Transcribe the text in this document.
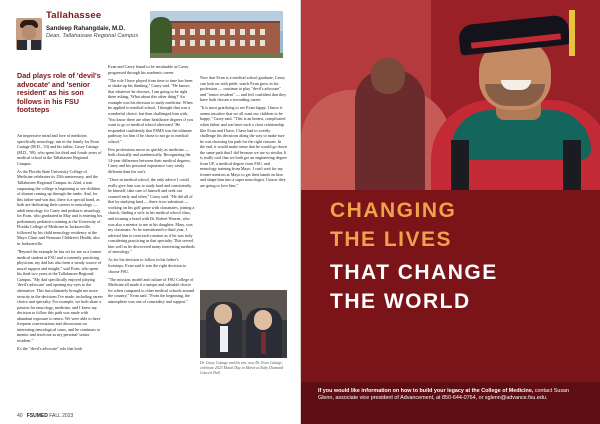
Tallahassee
Sandeep Rahangdale, M.D.
Dean, Tallahassee Regional Campus
Dad plays role of 'devil's advocate' and 'senior resident' as his son follows in his FSU footsteps

An impressive mind and love of medicine, specifically neurology, run in the family for Evan Cattage (M.D., '23) and his father, Casey Cattage (M.D., '09), who spent his third and fourth years of medical school at the Tallahassee Regional Campus.

As the Florida State University College of Medicine celebrates its 25th anniversary, and the Tallahassee Regional Campus its 22nd, a trait surpassing the college is beginning to see children of alumni coming up through the ranks. And, for this father-and-son duo, there is a special bond, as both are dedicating their careers to neurology — adult neurology for Casey and pediatric neurology for Evan, who graduated in May and is entering his preliminary pediatrics training at the University of Florida College of Medicine in Jacksonville, followed by his child neurology residency at the Mayo Clinic and Nemours Children's Health, also in Jacksonville.

"Beyond the example he has set for me as a former medical student at FSU and a currently practicing physician, my dad has also been a steady source of moral support and insight," said Evan, who spent his final two years at the Tallahassee Regional Campus. "My dad specifically enjoyed playing 'devil's advocate' and opening my eyes to the alternative. This has ultimately brought me more security in the decisions I've made, including career choice and specialty. For example, we both share a passion for neurology, medicine, and I knew my decision to follow this path was made with abundant exposure to neuro. We were able to have frequent conversations and discussions on interesting neurological cases, and he continues to mentor and teach me as my personal 'senior resident.'"

It's the "devil's advocate" role that both

Evan and Casey found to be invaluable as Casey progressed through his academic career.

"The role I have played from time to time has been to shake up his thinking," Casey said. "He knows that whatever he chooses, I am going to be right there asking, 'What about this other thing?' An example was his decision to study medicine. When he applied to medical school, I thought that was a wonderful choice, but then challenged him with, 'You know there are other healthcare degrees if you want to go to medical school afterward.' He responded confidently that FSMS was the ultimate pathway for him if he chose to not go to medical school."

Few professions move as quickly as medicine — both clinically and academically. Recognizing the 14-year difference between their medical degrees, Casey and his personal experience vary vastly different than his son's.

"Once in medical school, the only advice I could really give him was to study hard and consistently, be himself, take care of himself and seek out counsel early and often," Casey said. "He did all of that by studying hard — there is no substitute — working on his golf game with classmates, joining a church, finding a wife in his medical school class, and forming a bond with Dr. Robert Warren, who was also a mentor to me at his daughter. Mary, was my classmate. As he transitioned to third year, I advised him to treat each rotation as if he was truly considering practicing in that specialty. This served him well as he discovered many interesting methods of neurology."

As for his decision to follow in his father's footsteps, Evan said it was the right decision to choose FSU.

"The mission, model and culture of FSU College of Medicine all made it a unique and valuable choice for when compared to other medical schools around the country," Evan said. "From the beginning, the atmosphere was one of comradery and support."

Now that Evan is a medical school graduate, Casey can look on with pride, watch Evan grow in his profession — continue to play "devil's advocate" and "senior resident" — and feel confident that they have both chosen a rewarding career.

"It is most gratifying to see Evan happy. I know it seems intuitive that we all want our children to be happy," Casey said. "This is an honest, complicated when father and son have such a close relationship like Evan and I have. I have had to overtly challenge his decisions along the way to make sure he was choosing his path for the right reasons. In the end, it would make sense that he would go down the same path that I did because we are so similar. It is really cool that we both got an engineering degree from UF, a medical degree from FSU, and neurology training from Mayo. I can't wait for my former mentors at Mayo to get their hands on him and shape him into a super neurologist. I know they are going to love him."

Dr. Casey Cattage and his son, now Dr. Evan Cattage, celebrate 2023 Match Day in March at Ruby Diamond Concert Hall.

40 FSUMED FALL 2023
CHANGING
THE LIVES
THAT CHANGE
THE WORLD

If you would like information on how to build your legacy at the College of Medicine, contact Susan Glenn, associate vice president of Advancement, at 850-644-0764, or sglenn@advance.fsu.edu.
